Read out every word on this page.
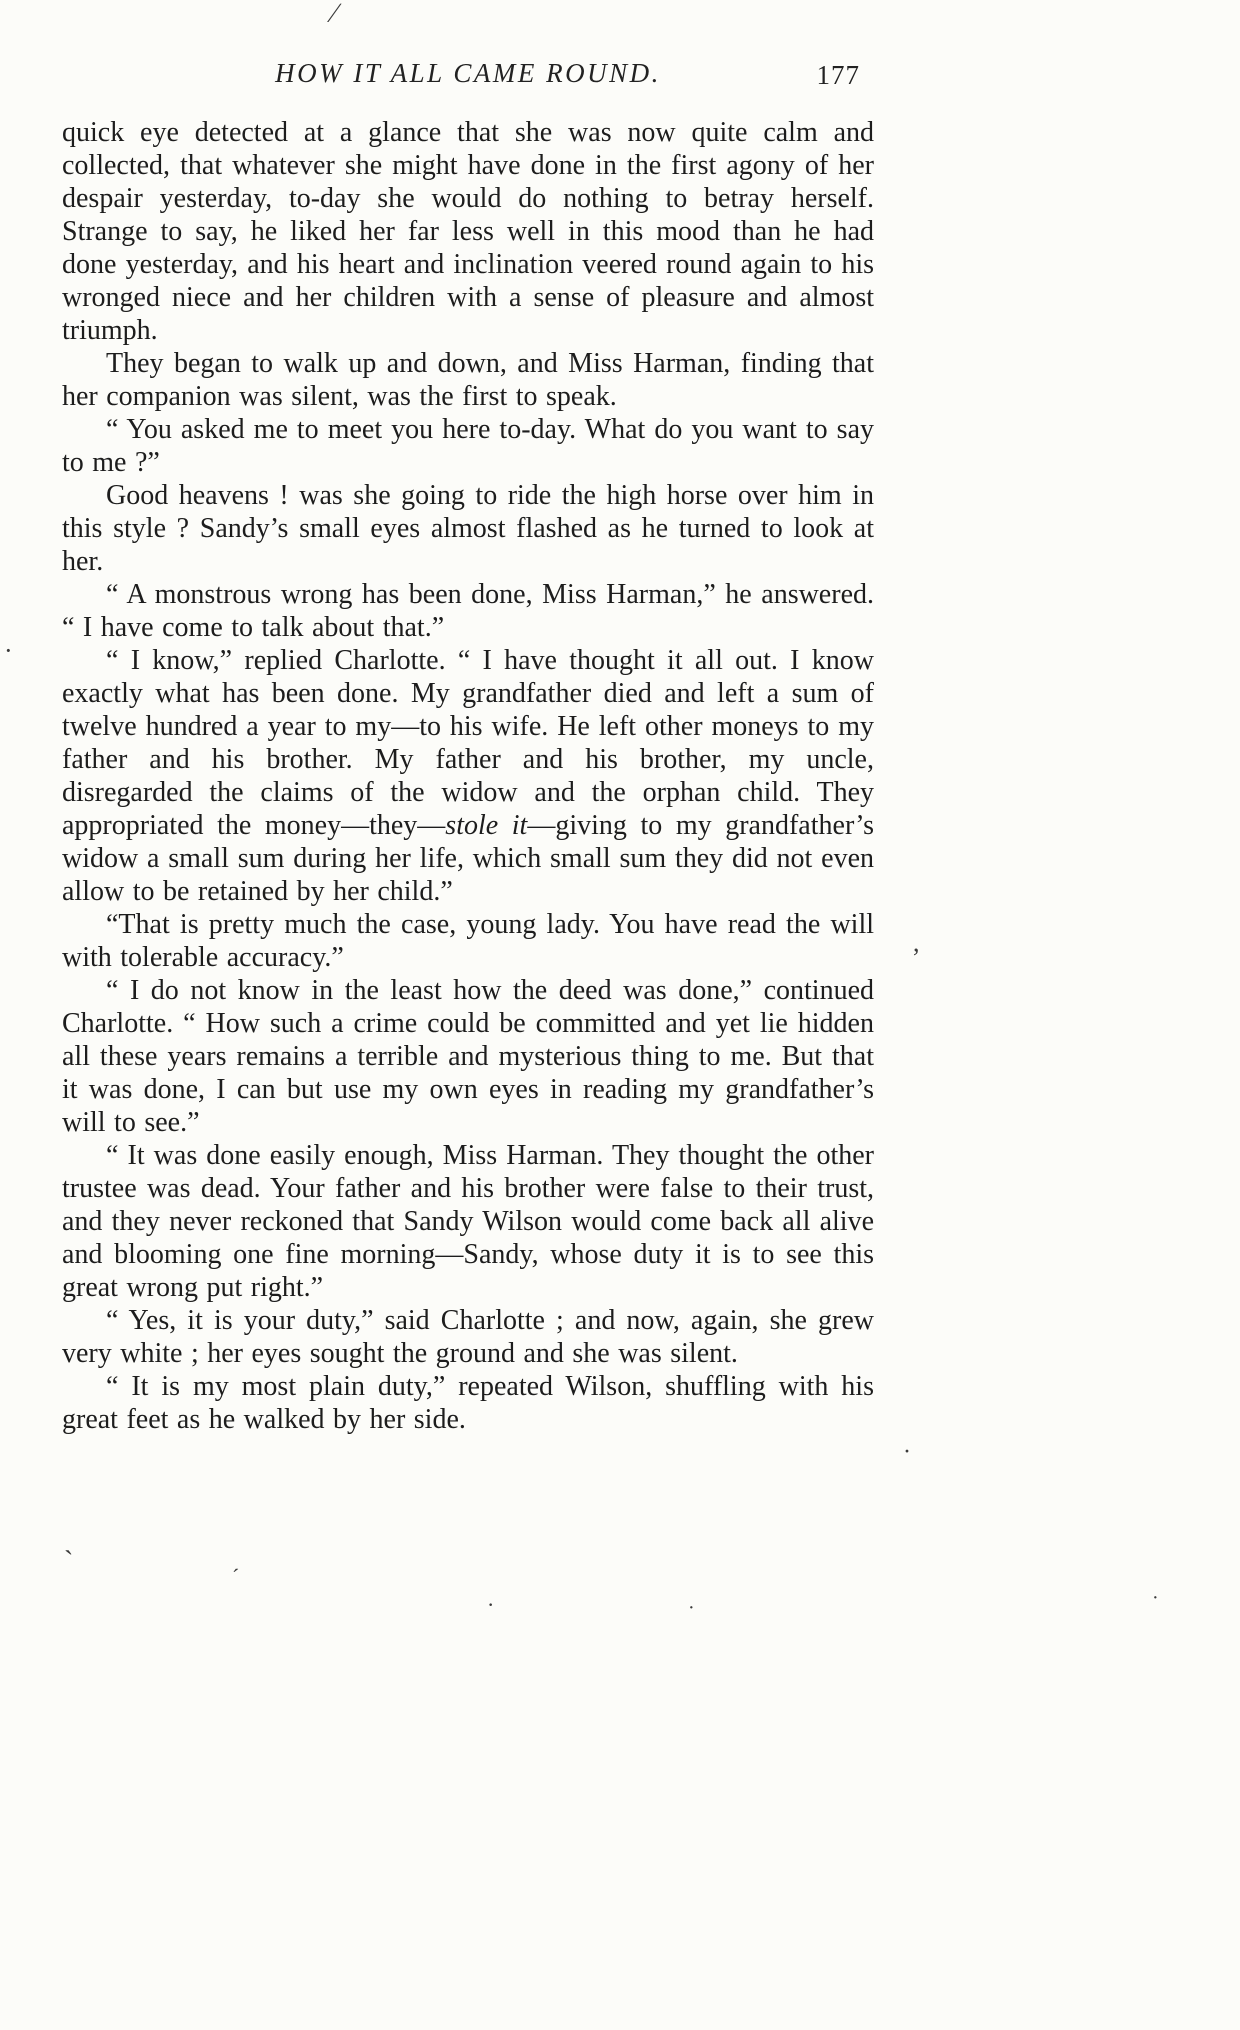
HOW IT ALL CAME ROUND.	177

quick eye detected at a glance that she was now quite calm and collected, that whatever she might have done in the first agony of her despair yesterday, to-day she would do nothing to betray herself. Strange to say, he liked her far less well in this mood than he had done yesterday, and his heart and inclination veered round again to his wronged niece and her children with a sense of pleasure and almost triumph.

They began to walk up and down, and Miss Harman, finding that her companion was silent, was the first to speak.

“ You asked me to meet you here to-day. What do you want to say to me ?”

Good heavens ! was she going to ride the high horse over him in this style ? Sandy’s small eyes almost flashed as he turned to look at her.

“ A monstrous wrong has been done, Miss Harman,” he answered. “ I have come to talk about that.”

“ I know,” replied Charlotte. “ I have thought it all out. I know exactly what has been done. My grandfather died and left a sum of twelve hundred a year to my—to his wife. He left other moneys to my father and his brother. My father and his brother, my uncle, disregarded the claims of the widow and the orphan child. They appropriated the money—they—stole it—giving to my grandfather’s widow a small sum during her life, which small sum they did not even allow to be retained by her child.”

“That is pretty much the case, young lady. You have read the will with tolerable accuracy.”

“ I do not know in the least how the deed was done,” continued Charlotte. “ How such a crime could be committed and yet lie hidden all these years remains a terrible and mysterious thing to me. But that it was done, I can but use my own eyes in reading my grandfather’s will to see.”

“ It was done easily enough, Miss Harman. They thought the other trustee was dead. Your father and his brother were false to their trust, and they never reckoned that Sandy Wilson would come back all alive and blooming one fine morning—Sandy, whose duty it is to see this great wrong put right.”

“ Yes, it is your duty,” said Charlotte ; and now, again, she grew very white ; her eyes sought the ground and she was silent.

“ It is my most plain duty,” repeated Wilson, shuffling with his great feet as he walked by her side.

∕
,
·
·
`	´
·	·	·
